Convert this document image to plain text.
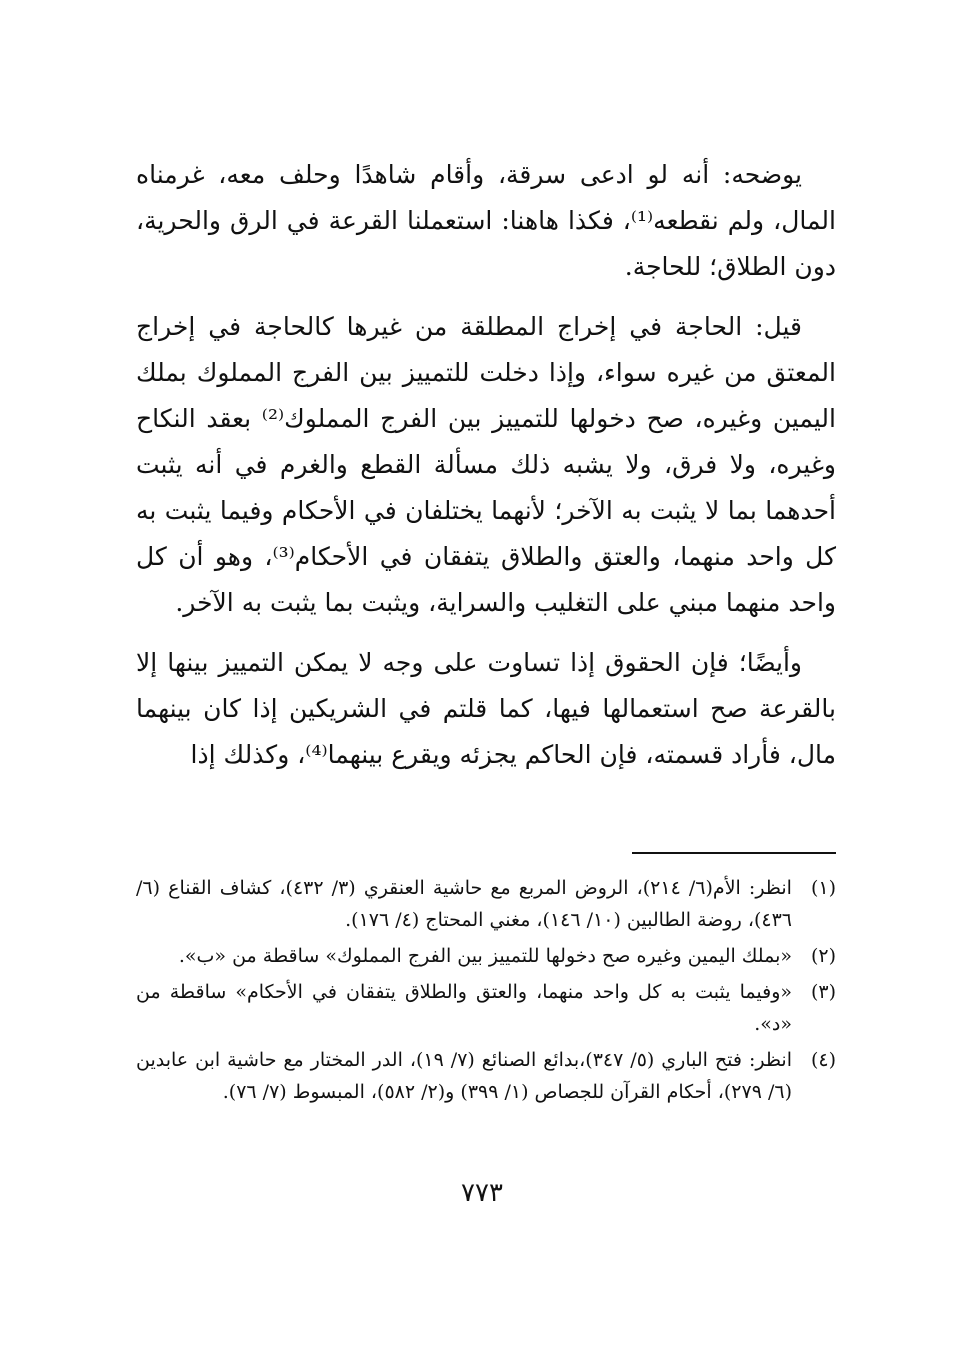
يوضحه: أنه لو ادعى سرقة، وأقام شاهدًا وحلف معه، غرمناه المال، ولم نقطعه⁽¹⁾، فكذا هاهنا: استعملنا القرعة في الرق والحرية، دون الطلاق؛ للحاجة.

قيل: الحاجة في إخراج المطلقة من غيرها كالحاجة في إخراج المعتق من غيره سواء، وإذا دخلت للتمييز بين الفرج المملوك بملك اليمين وغيره، صح دخولها للتمييز بين الفرج المملوك⁽²⁾ بعقد النكاح وغيره، ولا فرق، ولا يشبه ذلك مسألة القطع والغرم في أنه يثبت أحدهما بما لا يثبت به الآخر؛ لأنهما يختلفان في الأحكام وفيما يثبت به كل واحد منهما، والعتق والطلاق يتفقان في الأحكام⁽³⁾، وهو أن كل واحد منهما مبني على التغليب والسراية، ويثبت بما يثبت به الآخر.

وأيضًا؛ فإن الحقوق إذا تساوت على وجه لا يمكن التمييز بينها إلا بالقرعة صح استعمالها فيها، كما قلتم في الشريكين إذا كان بينهما مال، فأراد قسمته، فإن الحاكم يجزئه ويقرع بينهما⁽⁴⁾، وكذلك إذا

(١)
انظر: الأم(٦/ ٢١٤)، الروض المربع مع حاشية العنقري (٣/ ٤٣٢)، كشاف القناع (٦/ ٤٣٦)، روضة الطالبين (١٠/ ١٤٦)، مغني المحتاج (٤/ ١٧٦).
(٢)
«بملك اليمين وغيره صح دخولها للتمييز بين الفرج المملوك» ساقطة من «ب».
(٣)
«وفيما يثبت به كل واحد منهما، والعتق والطلاق يتفقان في الأحكام» ساقطة من «د».
(٤)
انظر: فتح الباري (٥/ ٣٤٧)،بدائع الصنائع (٧/ ١٩)، الدر المختار مع حاشية ابن عابدين (٦/ ٢٧٩)، أحكام القرآن للجصاص (١/ ٣٩٩) و(٢/ ٥٨٢)، المبسوط (٧/ ٧٦).
٧٧٣
